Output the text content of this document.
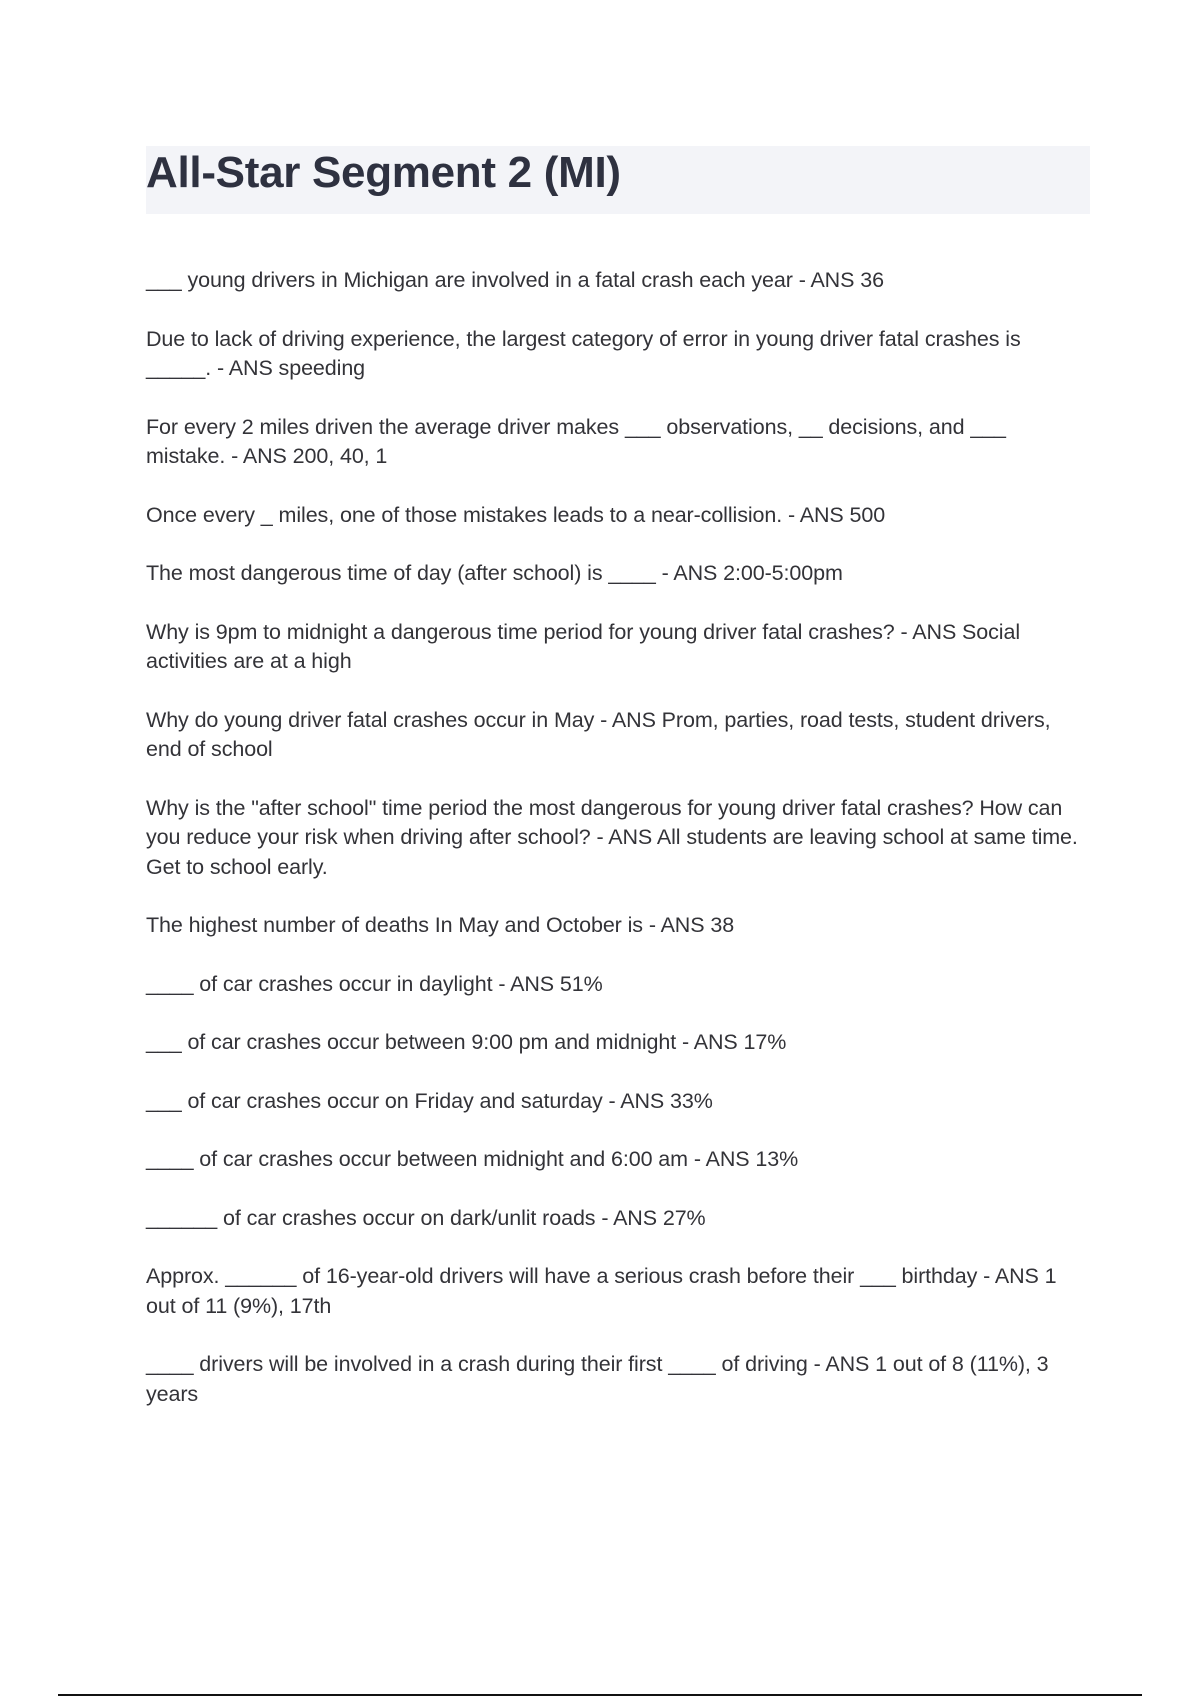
All-Star Segment 2 (MI)
___ young drivers in Michigan are involved in a fatal crash each year - ANS 36
Due to lack of driving experience, the largest category of error in young driver fatal crashes is _____. - ANS speeding
For every 2 miles driven the average driver makes ___ observations, __ decisions, and ___ mistake. - ANS 200, 40, 1
Once every _ miles, one of those mistakes leads to a near-collision. - ANS 500
The most dangerous time of day (after school) is ____ - ANS 2:00-5:00pm
Why is 9pm to midnight a dangerous time period for young driver fatal crashes? - ANS Social activities are at a high
Why do young driver fatal crashes occur in May - ANS Prom, parties, road tests, student drivers, end of school
Why is the "after school" time period the most dangerous for young driver fatal crashes? How can you reduce your risk when driving after school? - ANS All students are leaving school at same time. Get to school early.
The highest number of deaths In May and October is - ANS 38
____ of car crashes occur in daylight - ANS 51%
___ of car crashes occur between 9:00 pm and midnight - ANS 17%
___ of car crashes occur on Friday and saturday - ANS 33%
____ of car crashes occur between midnight and 6:00 am - ANS 13%
______ of car crashes occur on dark/unlit roads - ANS 27%
Approx. ______ of 16-year-old drivers will have a serious crash before their ___ birthday - ANS 1 out of 11 (9%), 17th
____ drivers will be involved in a crash during their first ____ of driving - ANS 1 out of 8 (11%), 3 years
